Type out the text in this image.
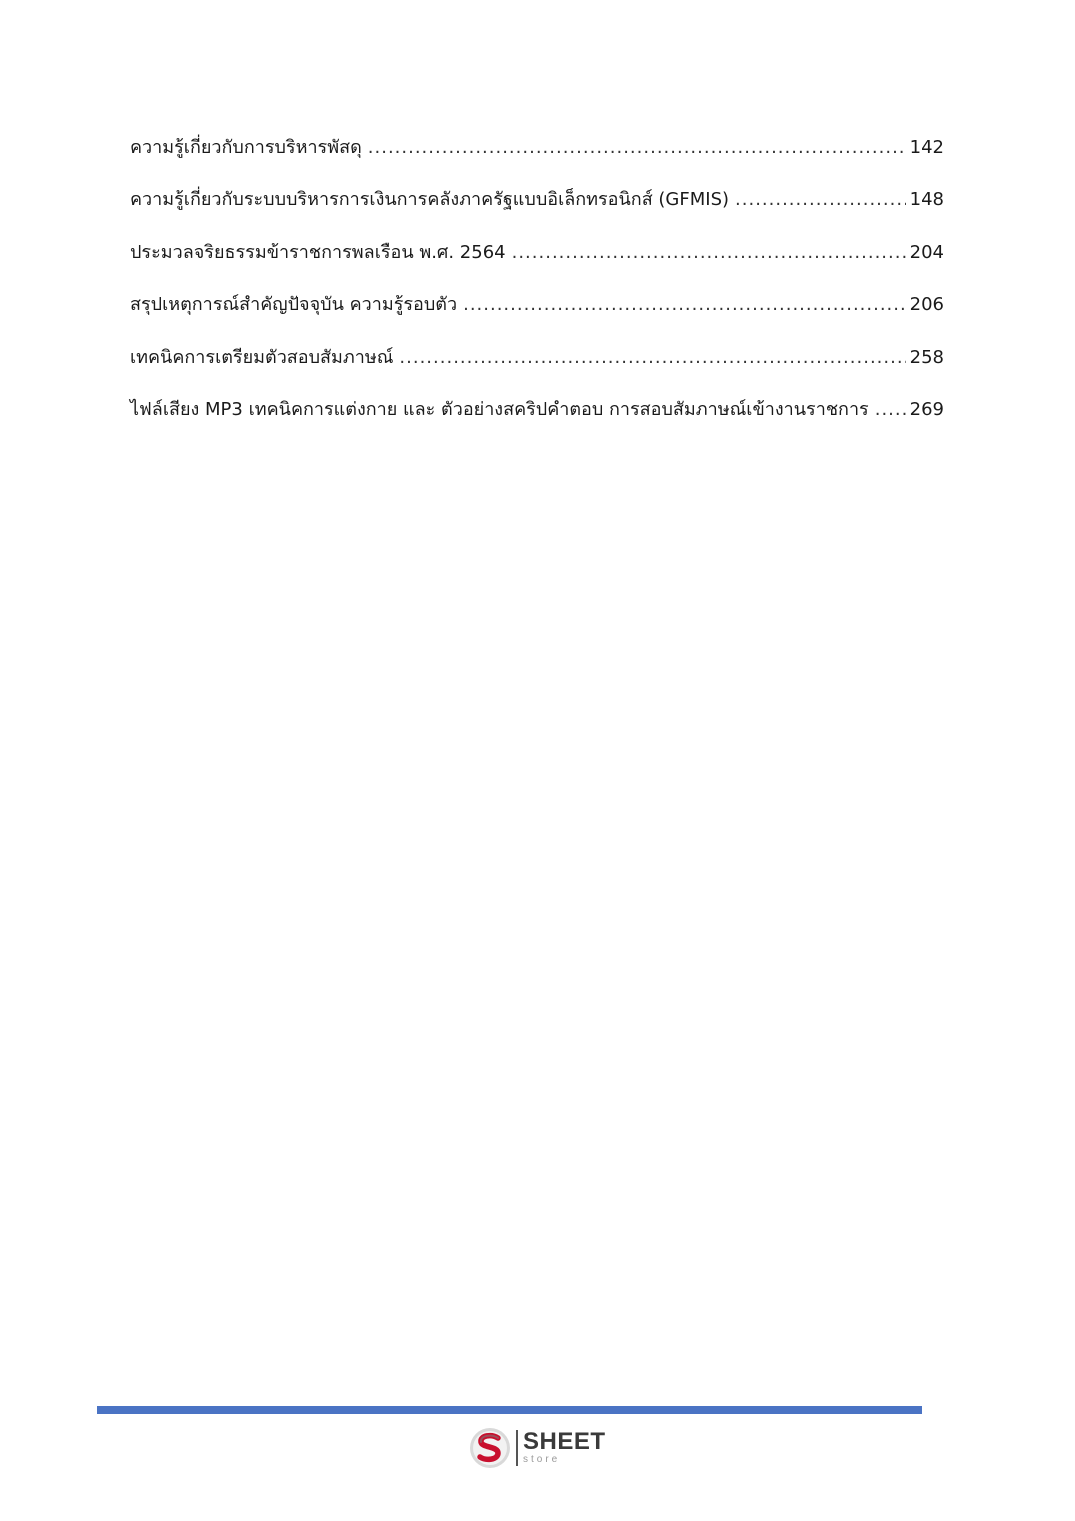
ความรู้เกี่ยวกับการบริหารพัสดุ .....	142
ความรู้เกี่ยวกับระบบบริหารการเงินการคลังภาครัฐแบบอิเล็กทรอนิกส์ (GFMIS) .....	148
ประมวลจริยธรรมข้าราชการพลเรือน พ.ศ. 2564 .....	204
สรุปเหตุการณ์สำคัญปัจจุบัน ความรู้รอบตัว .....	206
เทคนิคการเตรียมตัวสอบสัมภาษณ์ .....	258
ไฟล์เสียง MP3 เทคนิคการแต่งกาย และ ตัวอย่างสคริปคำตอบ การสอบสัมภาษณ์เข้างานราชการ ..... 269
SHEET
store
